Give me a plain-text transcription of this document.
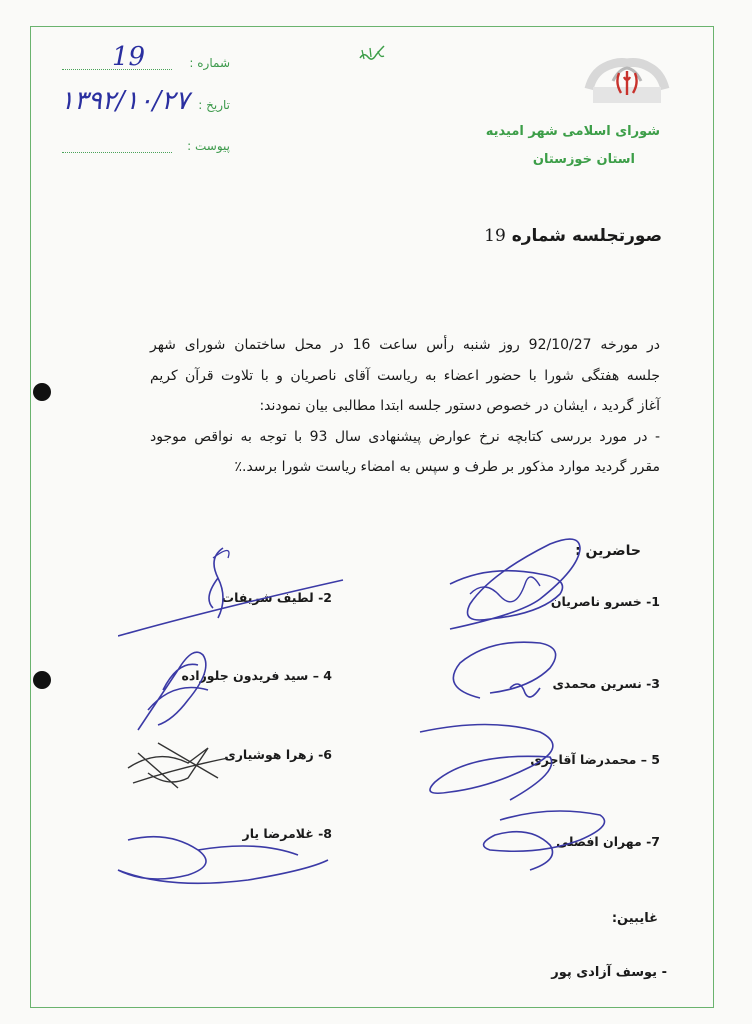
شماره :
19
تاریخ :
۱۳۹۲/۱۰/۲۷
پیوست :
شورای اسلامی شهر امیدیه
استان خوزستان
صورتجلسه شماره 19

در مورخه 92/10/27 روز شنبه رأس ساعت 16 در محل ساختمان شورای شهر

جلسه هفتگی شورا با حضور اعضاء به ریاست آقای ناصریان و با تلاوت قرآن کریم

آغاز گردید ، ایشان در خصوص دستور جلسه ابتدا مطالبی بیان نمودند:

- در مورد بررسی کتابچه نرخ عوارض پیشنهادی سال 93 با توجه به نواقص موجود

مقرر گردید موارد مذکور بر طرف و سپس به امضاء ریاست شورا برسد.٪

حاضرین :
1- خسرو ناصریان
2- لطیف شریفات
3- نسرین محمدی
4 – سید فریدون جلوزاده
5 – محمدرضا آقاجری
6- زهرا هوشیاری
7- مهران افضلی
8- غلامرضا یار
غایبین:
- یوسف آزادی پور
